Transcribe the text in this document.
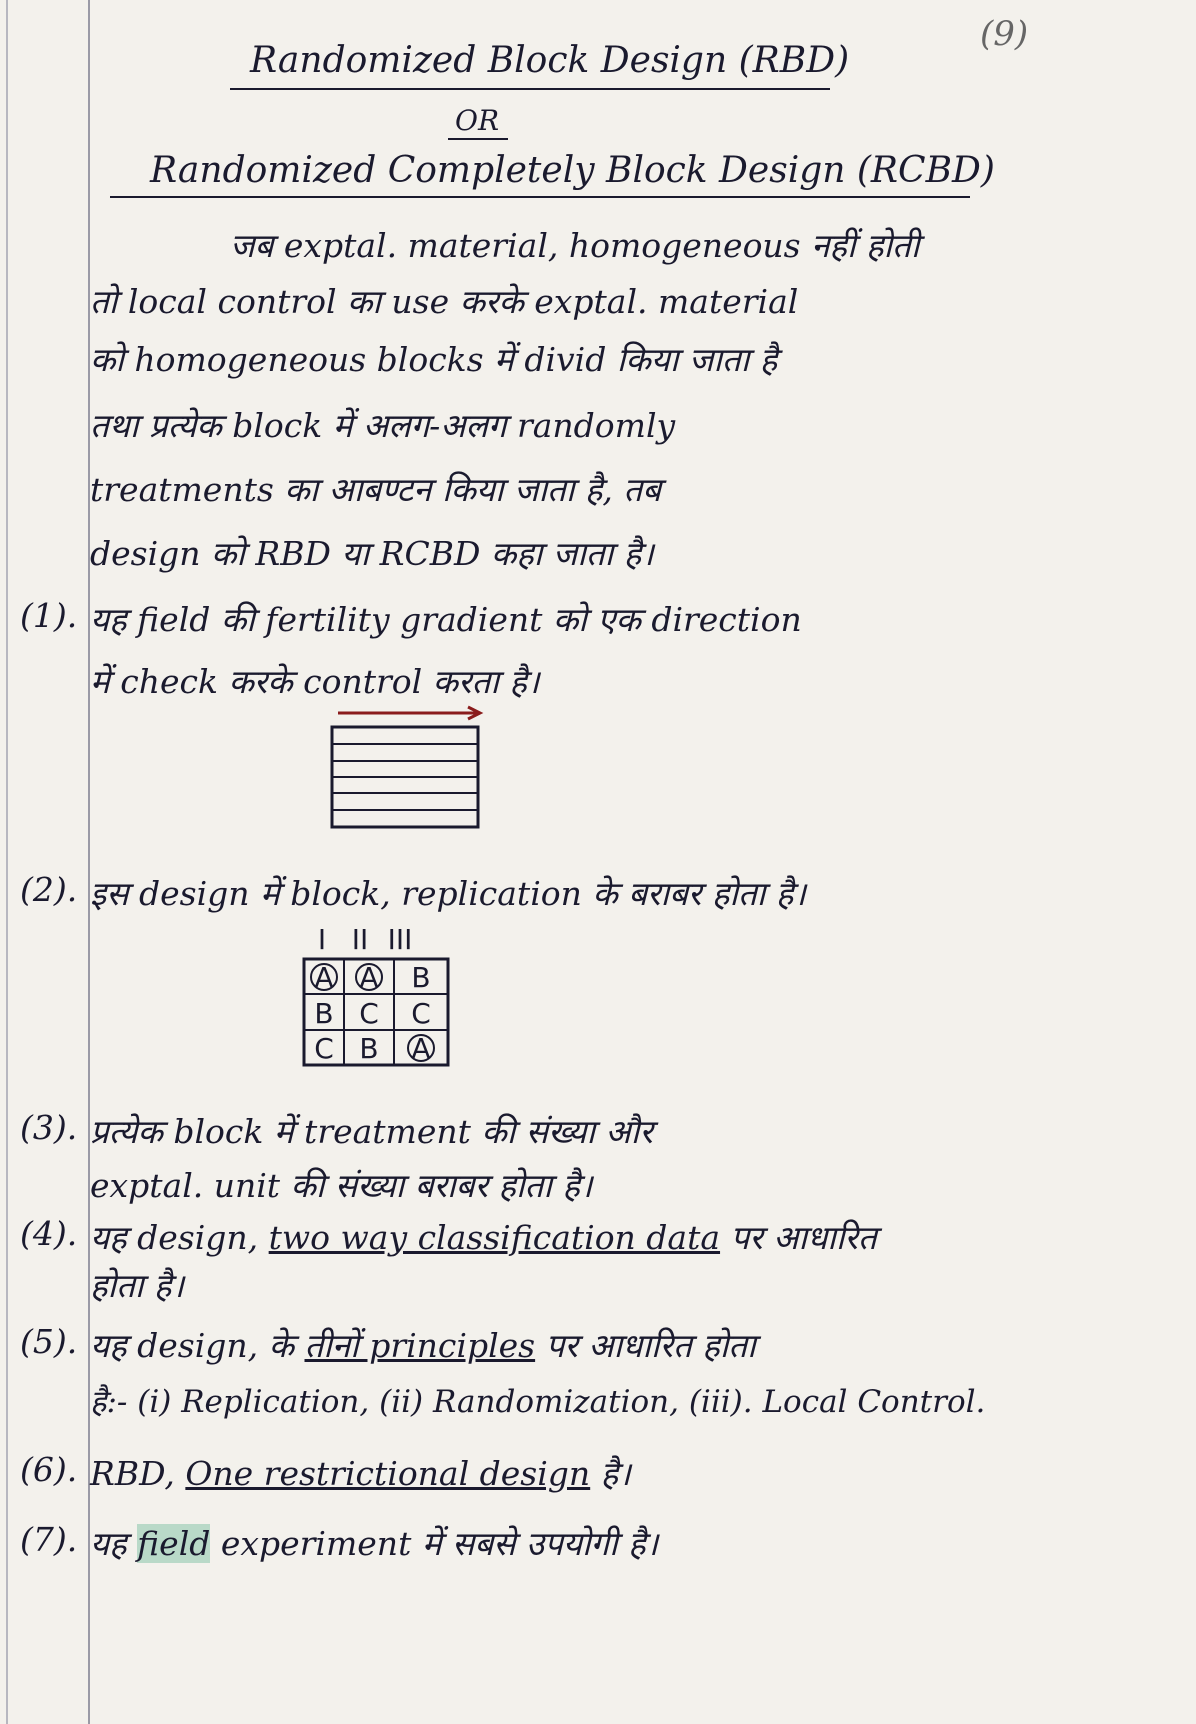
(9)
Randomized Block Design (RBD)
OR
Randomized Completely Block Design (RCBD)
जब exptal. material, homogeneous नहीं होती
तो local control का use करके exptal. material
को homogeneous blocks में divid किया जाता है
तथा प्रत्येक block में अलग-अलग randomly
treatments का आबण्टन किया जाता है, तब
design को RBD या RCBD कहा जाता है।
(1). यह field की fertility gradient को एक direction
में check करके control करता है।
(2). इस design में block, replication के बराबर होता है।
I II III
A A B
B C C
C B A
(3). प्रत्येक block में treatment की संख्या और
exptal. unit की संख्या बराबर होता है।
(4). यह design, two way classification data पर आधारित
होता है।
(5). यह design, के तीनों principles पर आधारित होता
है:- (i) Replication, (ii) Randomization, (iii). Local Control.
(6). RBD, One restrictional design है।
(7). यह field experiment में सबसे उपयोगी है।
